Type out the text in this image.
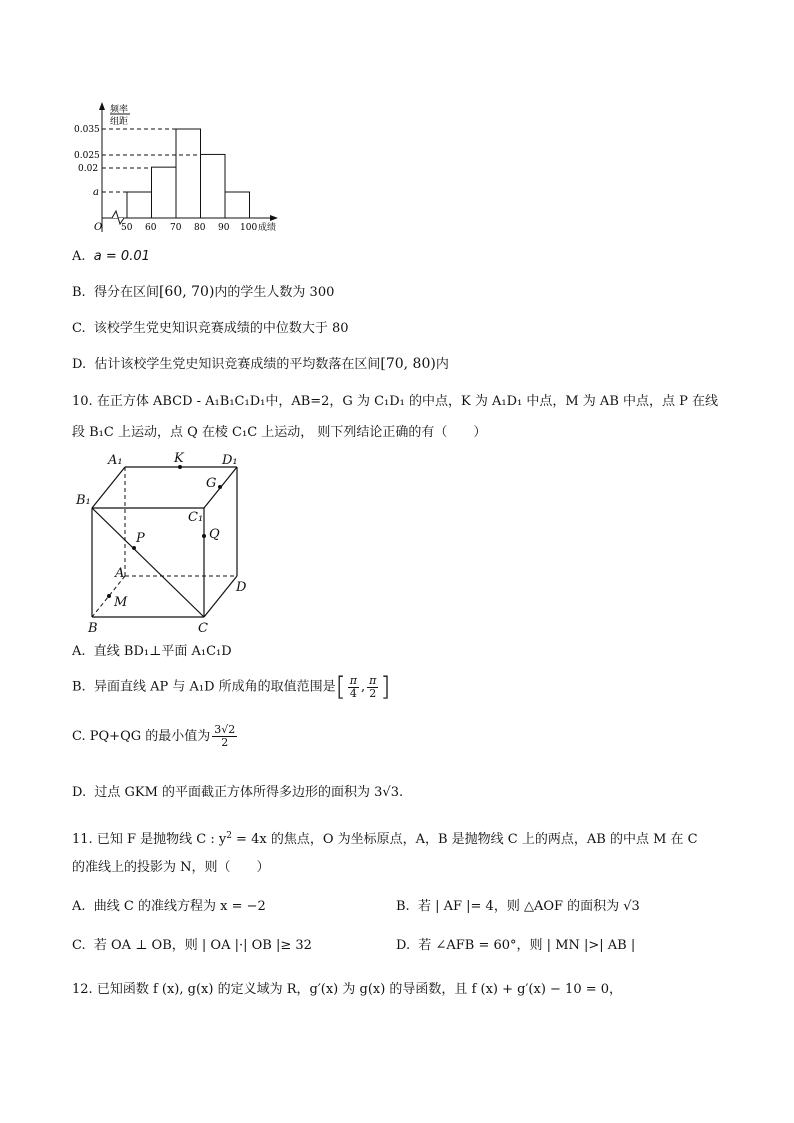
频率
组距
0.035
0.025
0.02
a
O 50 60 70 80 90 100 成绩
A. a = 0.01
B. 得分在区间[60, 70)内的学生人数为 300
C. 该校学生党史知识竞赛成绩的中位数大于 80
D. 估计该校学生党史知识竞赛成绩的平均数落在区间[70, 80)内
10. 在正方体 ABCD - A₁B₁C₁D₁中，AB=2，G 为 C₁D₁ 的中点，K 为 A₁D₁ 中点，M 为 AB 中点，点 P 在线
段 B₁C 上运动，点 Q 在棱 C₁C 上运动， 则下列结论正确的有（　　）
A₁	K	D₁
G
B₁
C₁
Q
P
A
D
M
B	C
A. 直线 BD₁⊥平面 A₁C₁D
B. 异面直线 AP 与 A₁D 所成角的取值范围是[ $\frac{\pi}{4}$ , $\frac{\pi}{2}$ ]
C. PQ+QG 的最小值为 $\frac{3√2}{2}$
D. 过点 GKM 的平面截正方体所得多边形的面积为 3√3.
11. 已知 F 是抛物线 C : $y^2 = 4x$ 的焦点，O 为坐标原点，A，B 是抛物线 C 上的两点，AB 的中点 M 在 C
的准线上的投影为 N，则（　　）
A. 曲线 C 的准线方程为 x = −2	B. 若 | AF |= 4，则 △AOF 的面积为 √3
C. 若 OA ⊥ OB，则 | OA |·| OB |≥ 32	D. 若 ∠AFB = 60°，则 | MN |>| AB |
12. 已知函数 f (x), g(x) 的定义域为 R，g′(x) 为 g(x) 的导函数，且 f (x) + g′(x) − 10 = 0，
